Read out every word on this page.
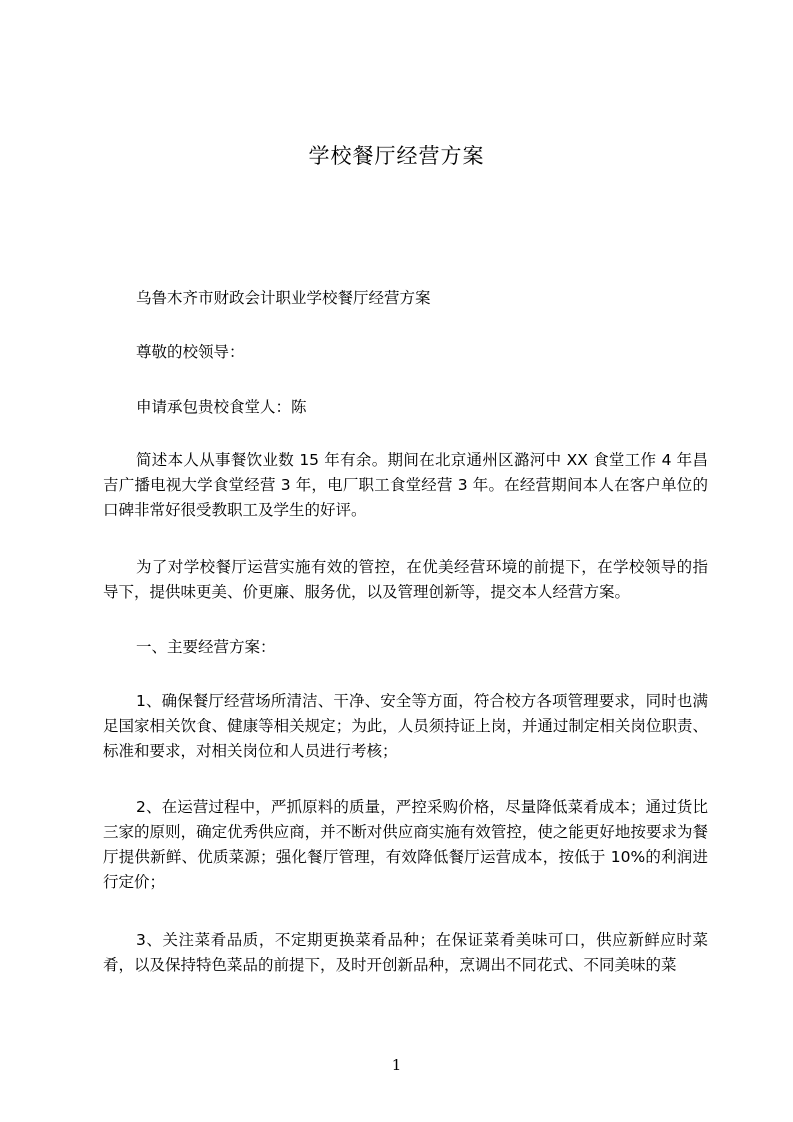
学校餐厅经营方案

乌鲁木齐市财政会计职业学校餐厅经营方案

尊敬的校领导：

申请承包贵校食堂人：陈

简述本人从事餐饮业数 15 年有余。期间在北京通州区潞河中 XX 食堂工作 4 年昌吉广播电视大学食堂经营 3 年，电厂职工食堂经营 3 年。在经营期间本人在客户单位的口碑非常好很受教职工及学生的好评。

为了对学校餐厅运营实施有效的管控，在优美经营环境的前提下，在学校领导的指导下，提供味更美、价更廉、服务优，以及管理创新等，提交本人经营方案。

一、主要经营方案：

1、确保餐厅经营场所清洁、干净、安全等方面，符合校方各项管理要求，同时也满足国家相关饮食、健康等相关规定；为此，人员须持证上岗，并通过制定相关岗位职责、标准和要求，对相关岗位和人员进行考核；

2、在运营过程中，严抓原料的质量，严控采购价格，尽量降低菜肴成本；通过货比三家的原则，确定优秀供应商，并不断对供应商实施有效管控，使之能更好地按要求为餐厅提供新鲜、优质菜源；强化餐厅管理，有效降低餐厅运营成本，按低于 10%的利润进行定价；

3、关注菜肴品质，不定期更换菜肴品种；在保证菜肴美味可口，供应新鲜应时菜肴，以及保持特色菜品的前提下，及时开创新品种，烹调出不同花式、不同美味的菜

1
